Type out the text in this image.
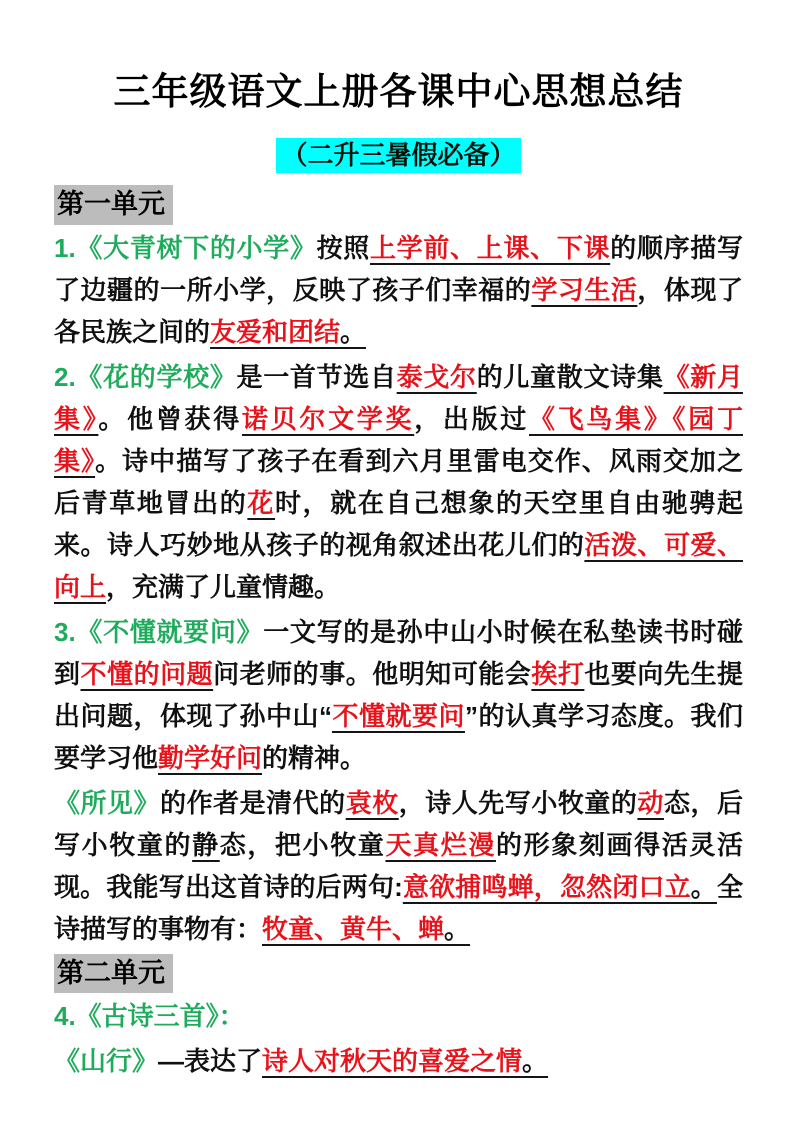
三年级语文上册各课中心思想总结
（二升三暑假必备）
第一单元

1.《大青树下的小学》按照上学前、上课、下课的顺序描写了边疆的一所小学，反映了孩子们幸福的学习生活，体现了各民族之间的友爱和团结。

2.《花的学校》是一首节选自泰戈尔的儿童散文诗集《新月集》。他曾获得诺贝尔文学奖，出版过《飞鸟集》《园丁集》。诗中描写了孩子在看到六月里雷电交作、风雨交加之后青草地冒出的花时，就在自己想象的天空里自由驰骋起来。诗人巧妙地从孩子的视角叙述出花儿们的活泼、可爱、向上，充满了儿童情趣。

3.《不懂就要问》一文写的是孙中山小时候在私垫读书时碰到不懂的问题问老师的事。他明知可能会挨打也要向先生提出问题，体现了孙中山“不懂就要问”的认真学习态度。我们要学习他勤学好问的精神。

《所见》的作者是清代的袁枚，诗人先写小牧童的动态，后写小牧童的静态，把小牧童天真烂漫的形象刻画得活灵活现。我能写出这首诗的后两句:意欲捕鸣蝉，忽然闭口立。全诗描写的事物有：牧童、黄牛、蝉。

第二单元

4.《古诗三首》：

《山行》—表达了诗人对秋天的喜爱之情。
